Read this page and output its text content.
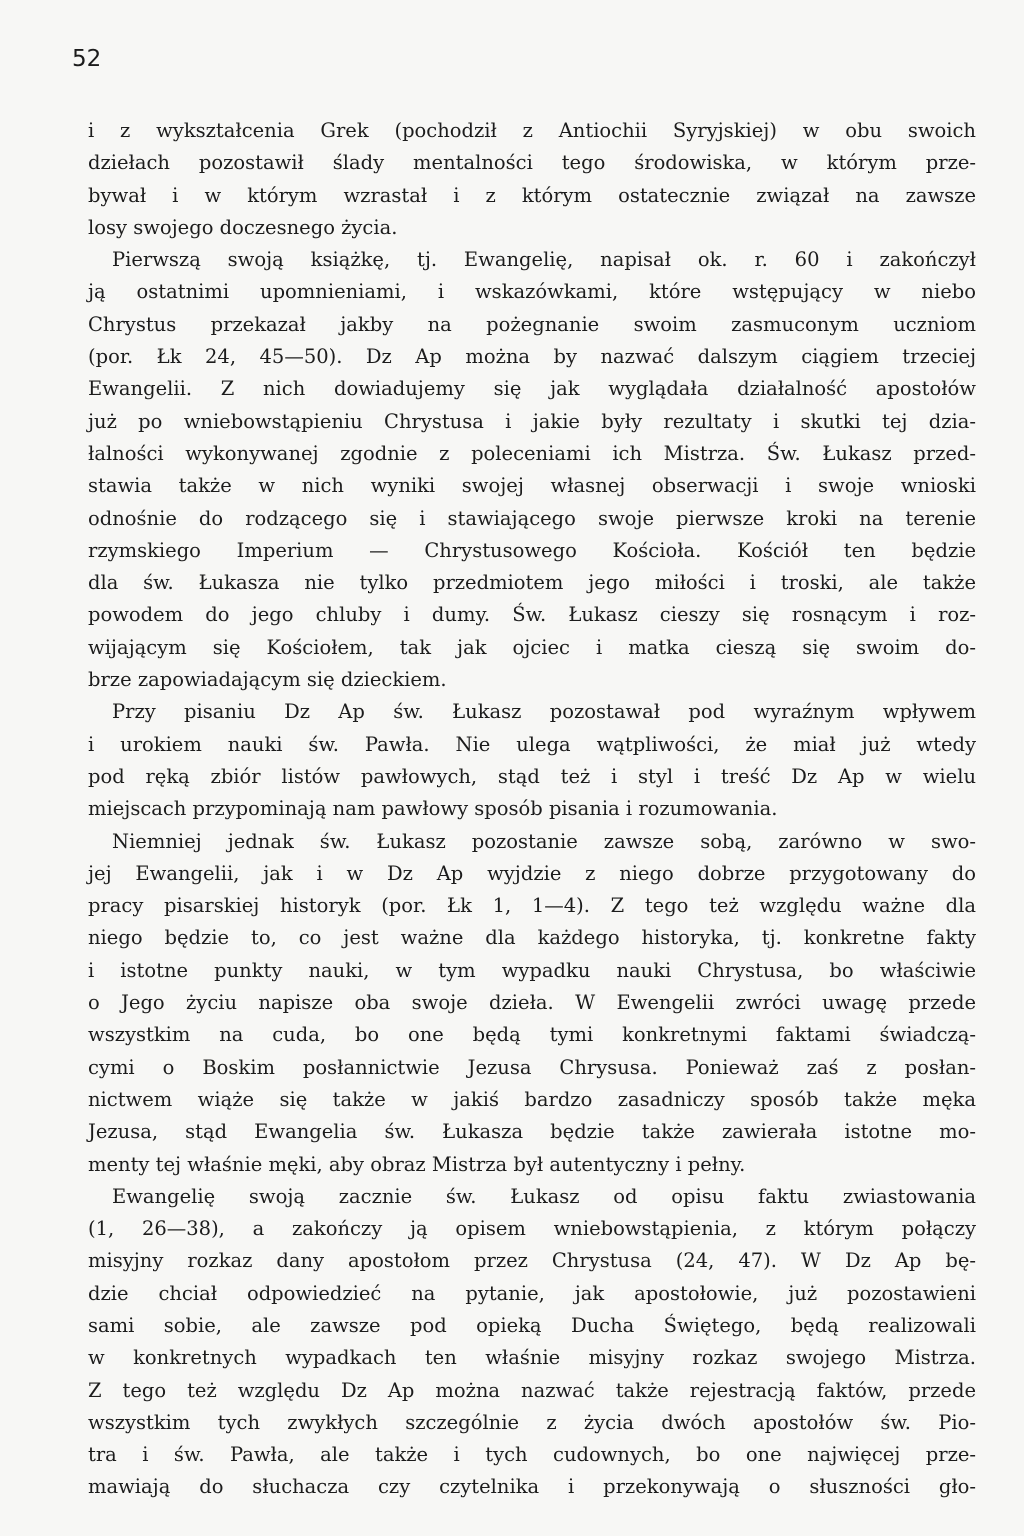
52
i z wykształcenia Grek (pochodził z Antiochii Syryjskiej) w obu swoich
dziełach pozostawił ślady mentalności tego środowiska, w którym prze-
bywał i w którym wzrastał i z którym ostatecznie związał na zawsze
losy swojego doczesnego życia.
Pierwszą swoją książkę, tj. Ewangelię, napisał ok. r. 60 i zakończył
ją ostatnimi upomnieniami, i wskazówkami, które wstępujący w niebo
Chrystus przekazał jakby na pożegnanie swoim zasmuconym uczniom
(por. Łk 24, 45—50). Dz Ap można by nazwać dalszym ciągiem trzeciej
Ewangelii. Z nich dowiadujemy się jak wyglądała działalność apostołów
już po wniebowstąpieniu Chrystusa i jakie były rezultaty i skutki tej dzia-
łalności wykonywanej zgodnie z poleceniami ich Mistrza. Św. Łukasz przed-
stawia także w nich wyniki swojej własnej obserwacji i swoje wnioski
odnośnie do rodzącego się i stawiającego swoje pierwsze kroki na terenie
rzymskiego Imperium — Chrystusowego Kościoła. Kościół ten będzie
dla św. Łukasza nie tylko przedmiotem jego miłości i troski, ale także
powodem do jego chluby i dumy. Św. Łukasz cieszy się rosnącym i roz-
wijającym się Kościołem, tak jak ojciec i matka cieszą się swoim do-
brze zapowiadającym się dzieckiem.
Przy pisaniu Dz Ap św. Łukasz pozostawał pod wyraźnym wpływem
i urokiem nauki św. Pawła. Nie ulega wątpliwości, że miał już wtedy
pod ręką zbiór listów pawłowych, stąd też i styl i treść Dz Ap w wielu
miejscach przypominają nam pawłowy sposób pisania i rozumowania.
Niemniej jednak św. Łukasz pozostanie zawsze sobą, zarówno w swo-
jej Ewangelii, jak i w Dz Ap wyjdzie z niego dobrze przygotowany do
pracy pisarskiej historyk (por. Łk 1, 1—4). Z tego też względu ważne dla
niego będzie to, co jest ważne dla każdego historyka, tj. konkretne fakty
i istotne punkty nauki, w tym wypadku nauki Chrystusa, bo właściwie
o Jego życiu napisze oba swoje dzieła. W Ewengelii zwróci uwagę przede
wszystkim na cuda, bo one będą tymi konkretnymi faktami świadczą-
cymi o Boskim posłannictwie Jezusa Chrysusa. Ponieważ zaś z posłan-
nictwem wiąże się także w jakiś bardzo zasadniczy sposób także męka
Jezusa, stąd Ewangelia św. Łukasza będzie także zawierała istotne mo-
menty tej właśnie męki, aby obraz Mistrza był autentyczny i pełny.
Ewangelię swoją zacznie św. Łukasz od opisu faktu zwiastowania
(1, 26—38), a zakończy ją opisem wniebowstąpienia, z którym połączy
misyjny rozkaz dany apostołom przez Chrystusa (24, 47). W Dz Ap bę-
dzie chciał odpowiedzieć na pytanie, jak apostołowie, już pozostawieni
sami sobie, ale zawsze pod opieką Ducha Świętego, będą realizowali
w konkretnych wypadkach ten właśnie misyjny rozkaz swojego Mistrza.
Z tego też względu Dz Ap można nazwać także rejestracją faktów, przede
wszystkim tych zwykłych szczególnie z życia dwóch apostołów św. Pio-
tra i św. Pawła, ale także i tych cudownych, bo one najwięcej prze-
mawiają do słuchacza czy czytelnika i przekonywają o słuszności gło-
